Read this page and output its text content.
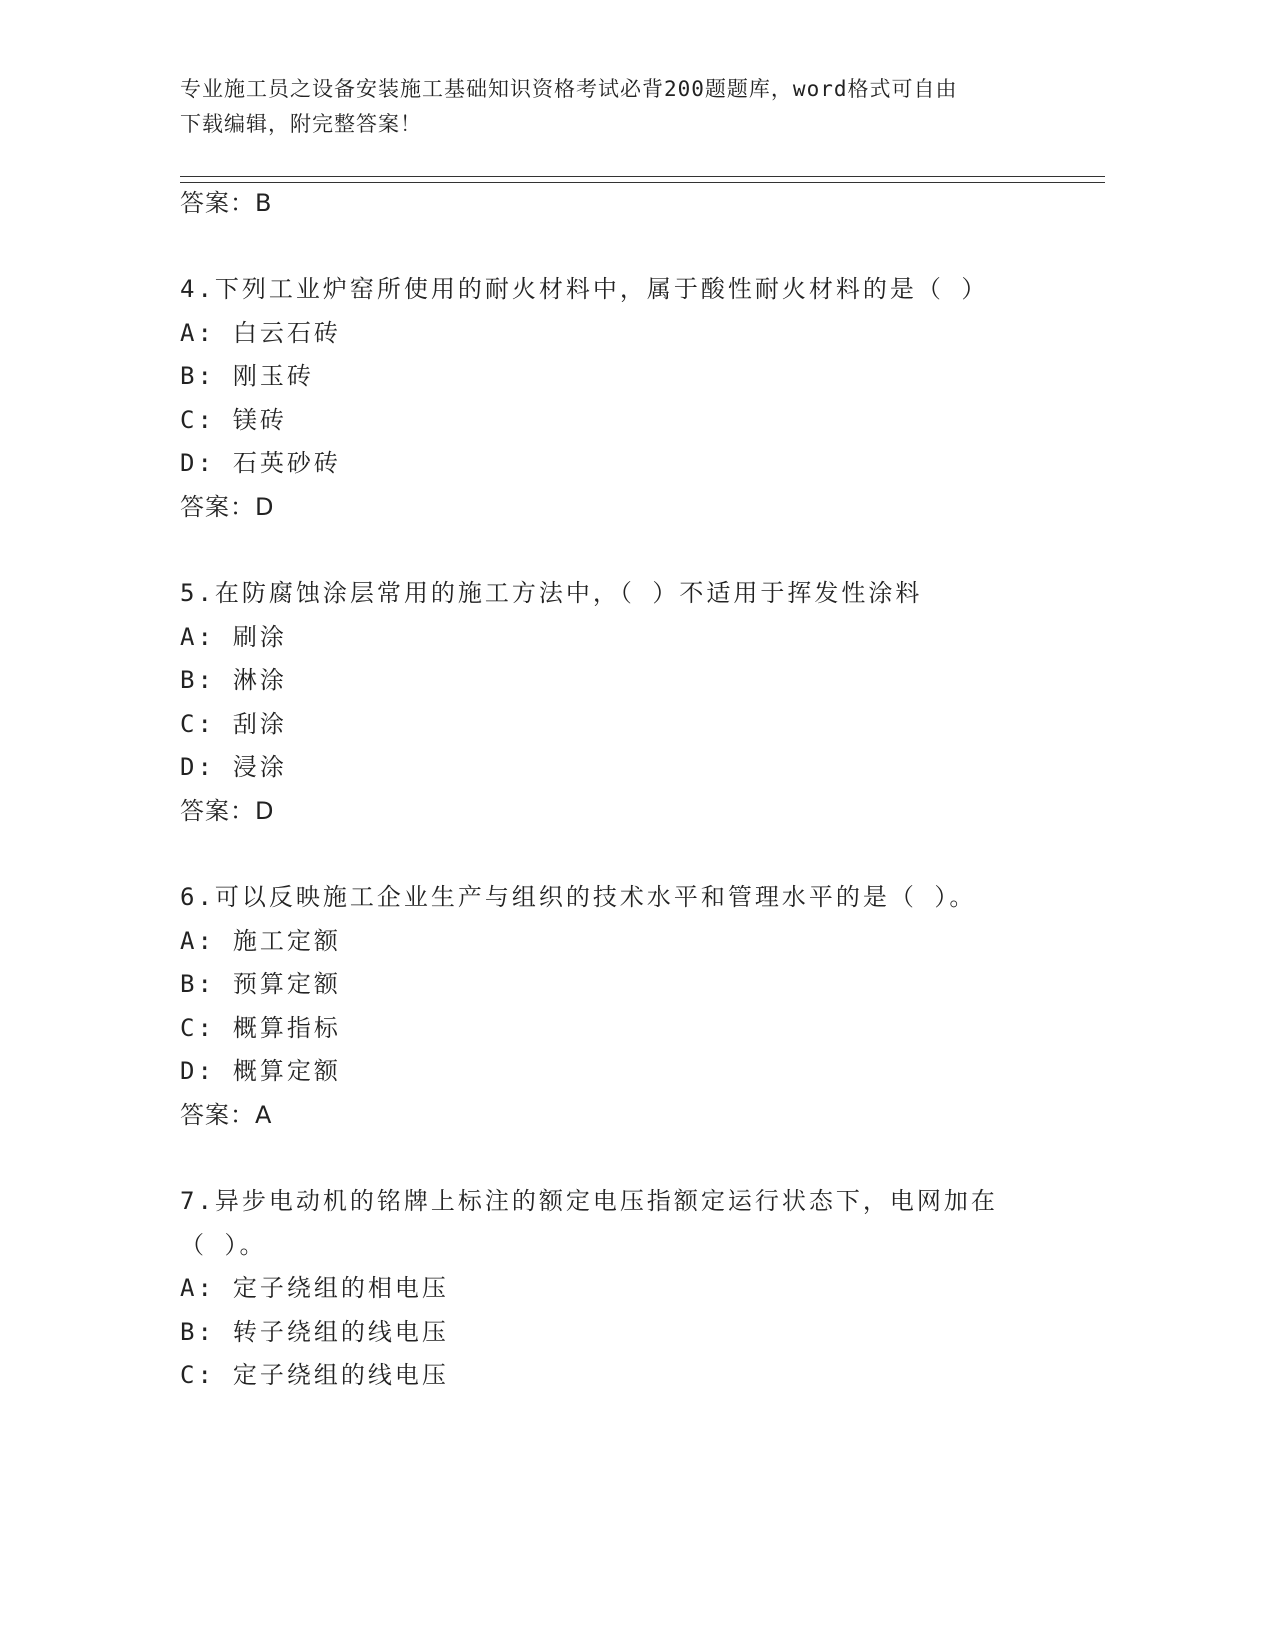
专业施工员之设备安装施工基础知识资格考试必背200题题库，word格式可自由
下载编辑，附完整答案！
答案：B
4.下列工业炉窑所使用的耐火材料中，属于酸性耐火材料的是（ ）
A: 白云石砖
B: 刚玉砖
C: 镁砖
D: 石英砂砖
答案：D
5.在防腐蚀涂层常用的施工方法中，（ ）不适用于挥发性涂料
A: 刷涂
B: 淋涂
C: 刮涂
D: 浸涂
答案：D
6.可以反映施工企业生产与组织的技术水平和管理水平的是（ ）。
A: 施工定额
B: 预算定额
C: 概算指标
D: 概算定额
答案：A
7.异步电动机的铭牌上标注的额定电压指额定运行状态下，电网加在
（ ）。
A: 定子绕组的相电压
B: 转子绕组的线电压
C: 定子绕组的线电压
